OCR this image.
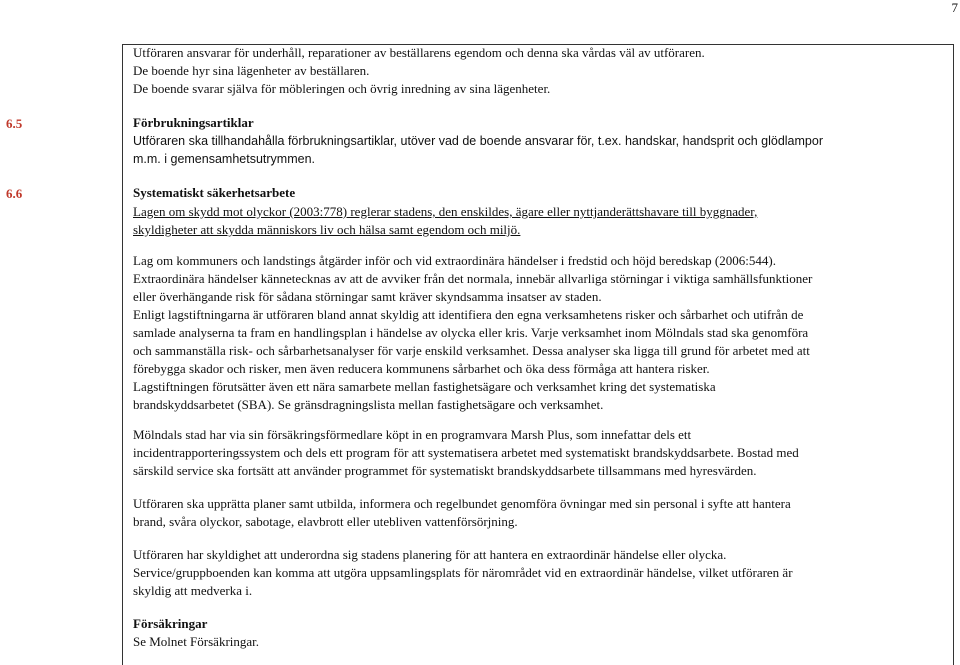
7
Utföraren ansvarar för underhåll, reparationer av beställarens egendom och denna ska vårdas väl av utföraren.
De boende hyr sina lägenheter av beställaren.
De boende svarar själva för möbleringen och övrig inredning av sina lägenheter.
6.5	Förbrukningsartiklar
Utföraren ska tillhandahålla förbrukningsartiklar, utöver vad de boende ansvarar för, t.ex. handskar, handsprit och glödlampor
m.m. i gemensamhetsutrymmen.
6.6	Systematiskt säkerhetsarbete
Lagen om skydd mot olyckor (2003:778) reglerar stadens, den enskildes, ägare eller nyttjanderättshavare till byggnader,
skyldigheter att skydda människors liv och hälsa samt egendom och miljö.
Lag om kommuners och landstings åtgärder inför och vid extraordinära händelser i fredstid och höjd beredskap (2006:544).
Extraordinära händelser kännetecknas av att de avviker från det normala, innebär allvarliga störningar i viktiga samhällsfunktioner
eller överhängande risk för sådana störningar samt kräver skyndsamma insatser av staden.
Enligt lagstiftningarna är utföraren bland annat skyldig att identifiera den egna verksamhetens risker och sårbarhet och utifrån de
samlade analyserna ta fram en handlingsplan i händelse av olycka eller kris. Varje verksamhet inom Mölndals stad ska genomföra
och sammanställa risk- och sårbarhetsanalyser för varje enskild verksamhet. Dessa analyser ska ligga till grund för arbetet med att
förebygga skador och risker, men även reducera kommunens sårbarhet och öka dess förmåga att hantera risker.
Lagstiftningen förutsätter även ett nära samarbete mellan fastighetsägare och verksamhet kring det systematiska
brandskyddsarbetet (SBA). Se gränsdragningslista mellan fastighetsägare och verksamhet.
Mölndals stad har via sin försäkringsförmedlare köpt in en programvara Marsh Plus, som innefattar dels ett
incidentrapporteringssystem och dels ett program för att systematisera arbetet med systematiskt brandskyddsarbete. Bostad med
särskild service ska fortsätt att använder programmet för systematiskt brandskyddsarbete tillsammans med hyresvärden.
Utföraren ska upprätta planer samt utbilda, informera och regelbundet genomföra övningar med sin personal i syfte att hantera
brand, svåra olyckor, sabotage, elavbrott eller utebliven vattenförsörjning.
Utföraren har skyldighet att underordna sig stadens planering för att hantera en extraordinär händelse eller olycka.
Service/gruppboenden kan komma att utgöra uppsamlingsplats för närområdet vid en extraordinär händelse, vilket utföraren är
skyldig att medverka i.
Försäkringar
Se Molnet Försäkringar.
